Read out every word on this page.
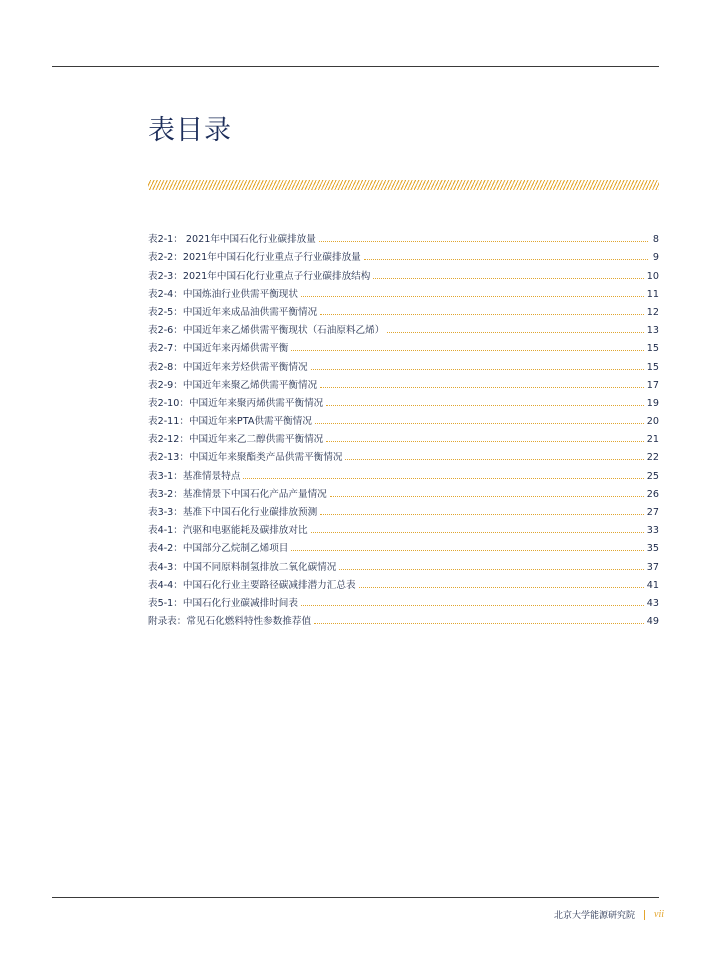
表目录
表2-1： 2021年中国石化行业碳排放量	8
表2-2：2021年中国石化行业重点子行业碳排放量	9
表2-3：2021年中国石化行业重点子行业碳排放结构	10
表2-4：中国炼油行业供需平衡现状	11
表2-5：中国近年来成品油供需平衡情况	12
表2-6：中国近年来乙烯供需平衡现状（石油原料乙烯）	13
表2-7：中国近年来丙烯供需平衡	15
表2-8：中国近年来芳烃供需平衡情况	15
表2-9：中国近年来聚乙烯供需平衡情况	17
表2-10：中国近年来聚丙烯供需平衡情况	19
表2-11：中国近年来PTA供需平衡情况	20
表2-12：中国近年来乙二醇供需平衡情况	21
表2-13：中国近年来聚酯类产品供需平衡情况	22
表3-1：基准情景特点	25
表3-2：基准情景下中国石化产品产量情况	26
表3-3：基准下中国石化行业碳排放预测	27
表4-1：汽驱和电驱能耗及碳排放对比	33
表4-2：中国部分乙烷制乙烯项目	35
表4-3：中国不同原料制氢排放二氧化碳情况	37
表4-4：中国石化行业主要路径碳减排潜力汇总表	41
表5-1：中国石化行业碳减排时间表	43
附录表：常见石化燃料特性参数推荐值	49
北京大学能源研究院 vii
